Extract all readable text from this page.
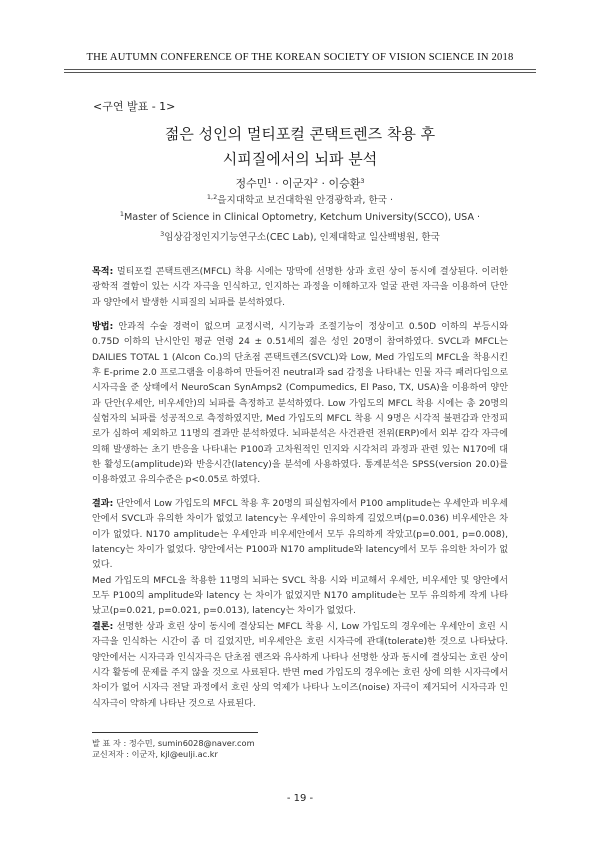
THE AUTUMN CONFERENCE OF THE KOREAN SOCIETY OF VISION SCIENCE IN 2018
<구연 발표 - 1>
젊은 성인의 멀티포컬 콘택트렌즈 착용 후
시피질에서의 뇌파 분석
정수민$^1$ · 이군자$^2$ · 이승환$^3$
$^{1,2}$을지대학교 보건대학원 안경광학과, 한국 ·
$^1$Master of Science in Clinical Optometry, Ketchum University(SCCO), USA ·
$^3$임상감정인지기능연구소(CEC Lab), 인제대학교 일산백병원, 한국
목적: 멀티포컬 콘택트렌즈(MFCL) 착용 시에는 망막에 선명한 상과 흐린 상이 동시에 결상된다. 이러한 광학적 결함이 있는 시각 자극을 인식하고, 인지하는 과정을 이해하고자 얼굴 관련 자극을 이용하여 단안과 양안에서 발생한 시피질의 뇌파를 분석하였다.
방법: 안과적 수술 경력이 없으며 교정시력, 시기능과 조절기능이 정상이고 0.50D 이하의 부등시와 0.75D 이하의 난시안인 평균 연령 24 ± 0.51세의 젊은 성인 20명이 참여하였다. SVCL과 MFCL는 DAILIES TOTAL 1 (Alcon Co.)의 단초점 콘택트렌즈(SVCL)와 Low, Med 가입도의 MFCL을 착용시킨 후 E-prime 2.0 프로그램을 이용하여 만들어진 neutral과 sad 감정을 나타내는 인물 자극 패러다임으로 시자극을 준 상태에서 NeuroScan SynAmps2 (Compumedics, El Paso, TX, USA)을 이용하여 양안과 단안(우세안, 비우세안)의 뇌파를 측정하고 분석하였다. Low 가입도의 MFCL 착용 시에는 총 20명의 실험자의 뇌파를 성공적으로 측정하였지만, Med 가입도의 MFCL 착용 시 9명은 시각적 불편감과 안정피로가 심하여 제외하고 11명의 결과만 분석하였다. 뇌파분석은 사건관련 전위(ERP)에서 외부 감각 자극에 의해 발생하는 초기 반응을 나타내는 P100과 고차원적인 인지와 시각처리 과정과 관련 있는 N170에 대한 활성도(amplitude)와 반응시간(latency)을 분석에 사용하였다. 통계분석은 SPSS(version 20.0)를 이용하였고 유의수준은 p<0.05로 하였다.
결과: 단안에서 Low 가입도의 MFCL 착용 후 20명의 피실험자에서 P100 amplitude는 우세안과 비우세안에서 SVCL과 유의한 차이가 없었고 latency는 우세안이 유의하게 길었으며(p=0.036) 비우세안은 차이가 없었다. N170 amplitude는 우세안과 비우세안에서 모두 유의하게 작았고(p=0.001, p=0.008), latency는 차이가 없었다. 양안에서는 P100과 N170 amplitude와 latency에서 모두 유의한 차이가 없었다.
Med 가입도의 MFCL을 착용한 11명의 뇌파는 SVCL 착용 시와 비교해서 우세안, 비우세안 및 양안에서 모두 P100의 amplitude와 latency 는 차이가 없었지만 N170 amplitude는 모두 유의하게 작게 나타났고(p=0.021, p=0.021, p=0.013), latency는 차이가 없었다.
결론: 선명한 상과 흐린 상이 동시에 결상되는 MFCL 착용 시, Low 가입도의 경우에는 우세안이 흐린 시자극을 인식하는 시간이 좀 더 길었지만, 비우세안은 흐린 시자극에 관대(tolerate)한 것으로 나타났다. 양안에서는 시자극과 인식자극은 단초점 렌즈와 유사하게 나타나 선명한 상과 동시에 결상되는 흐린 상이 시각 활동에 문제를 주지 않을 것으로 사료된다. 반면 med 가입도의 경우에는 흐린 상에 의한 시자극에서 차이가 없어 시자극 전달 과정에서 흐린 상의 억제가 나타나 노이즈(noise) 자극이 제거되어 시자극과 인식자극이 약하게 나타난 것으로 사료된다.
발 표 자 : 정수민, sumin6028@naver.com
교신저자 : 이군자, kjl@eulji.ac.kr
- 19 -
